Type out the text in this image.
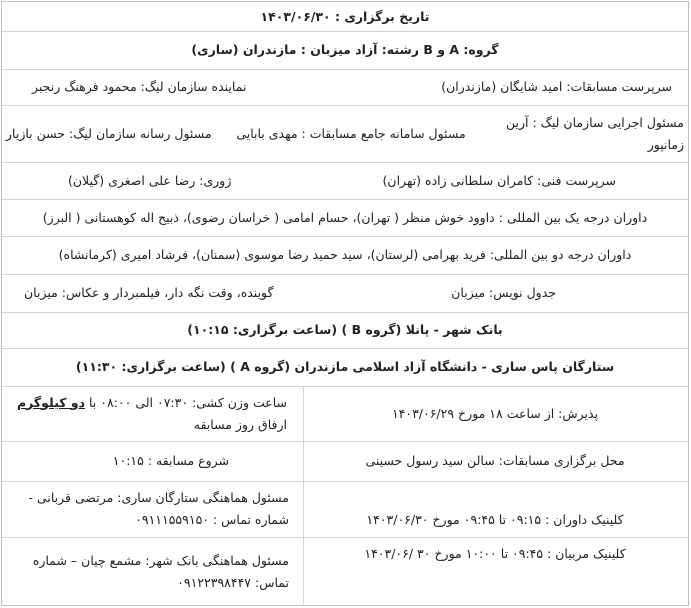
تاریخ برگزاری : ۱۴۰۳/۰۶/۳۰
گروه: A و B رشته: آزاد میزبان : مازندران (ساری)
سرپرست مسابقات: امید شایگان (مازندران)
نماینده سازمان لیگ: محمود فرهنگ رنجبر
مسئول اجرایی سازمان لیگ : آرین زمانپور
مسئول سامانه جامع مسابقات : مهدی بابایی
مسئول رسانه سازمان لیگ: حسن بازیار
سرپرست فنی: کامران سلطانی زاده (تهران)
ژوری: رضا علی اصغری (گیلان)
داوران درجه یک بین المللی : داوود خوش منظر ( تهران)، حسام امامی ( خراسان رضوی)، ذبیح اله کوهستانی ( البرز)
داوران درجه دو بین المللی: فرید بهرامی (لرستان)، سید حمید رضا موسوی (سمنان)، فرشاد امیری (کرمانشاه)
جدول نویس: میزبان
گوینده، وقت نگه دار، فیلمبردار و عکاس: میزبان
بانک شهر - پانلا (گروه B ) (ساعت برگزاری: ۱۰:۱۵)
ستارگان پاس ساری - دانشگاه آزاد اسلامی مازندران (گروه A ) (ساعت برگزاری: ۱۱:۳۰)
پذیرش: از ساعت ۱۸ مورخ ۱۴۰۳/۰۶/۲۹
ساعت وزن کشی: ۰۷:۳۰ الی ۰۸:۰۰ با دو کیلوگرم ارفاق روز مسابقه
محل برگزاری مسابقات: سالن سید رسول حسینی
شروع مسابقه : ۱۰:۱۵
کلینیک داوران : ۰۹:۱۵ تا ۰۹:۴۵ مورخ ۱۴۰۳/۰۶/۳۰
مسئول هماهنگی ستارگان ساری: مرتضی قربانی - شماره تماس : ۰۹۱۱۱۵۵۹۱۵۰
کلینیک مربیان : ۰۹:۴۵ تا ۱۰:۰۰ مورخ ۳۰ /۱۴۰۳/۰۶
مسئول هماهنگی بانک شهر: مشمع چیان – شماره تماس: ۰۹۱۲۲۳۹۸۴۴۷
